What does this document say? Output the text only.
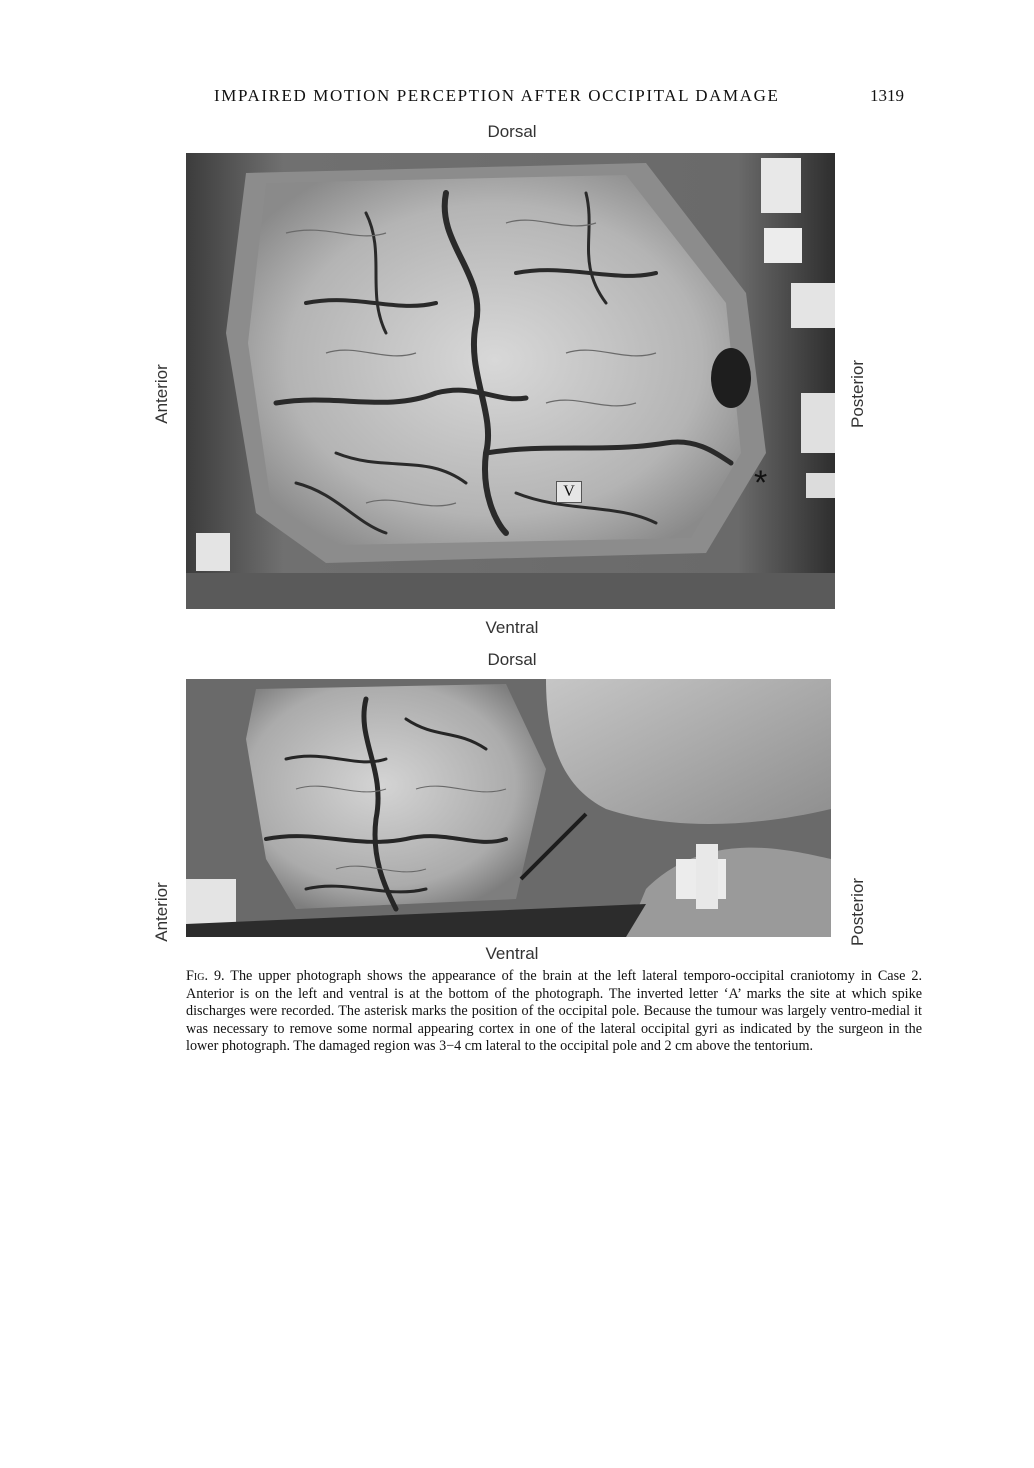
IMPAIRED MOTION PERCEPTION AFTER OCCIPITAL DAMAGE	1319
Dorsal
Ventral
Anterior	Posterior
V	*
Dorsal
Ventral
Anterior	Posterior
Fig. 9. The upper photograph shows the appearance of the brain at the left lateral temporo-occipital craniotomy in Case 2. Anterior is on the left and ventral is at the bottom of the photograph. The inverted letter ‘A’ marks the site at which spike discharges were recorded. The asterisk marks the position of the occipital pole. Because the tumour was largely ventro-medial it was necessary to remove some normal appearing cortex in one of the lateral occipital gyri as indicated by the surgeon in the lower photograph. The damaged region was 3−4 cm lateral to the occipital pole and 2 cm above the tentorium.
